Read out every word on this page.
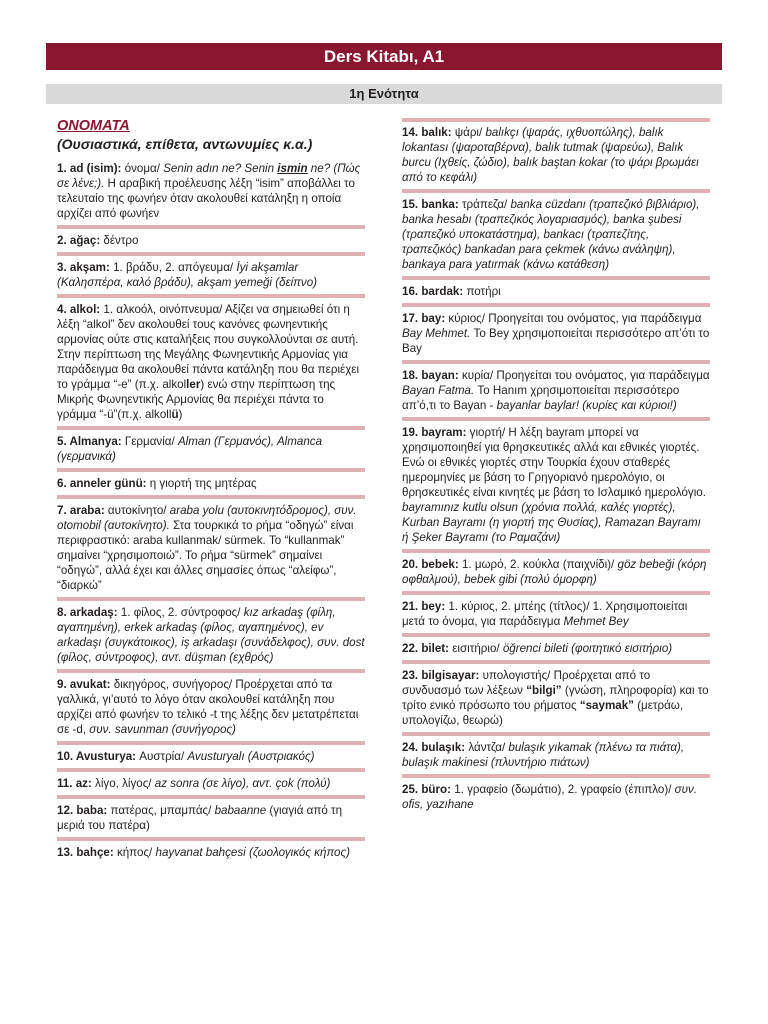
Ders Kitabı, A1
1η Ενότητα
ONOMATA
(Ουσιαστικά, επίθετα, αντωνυμίες κ.α.)
1. ad (isim): όνομα/ Senin adın ne? Senin ismin ne? (Πώς σε λένε;). Η αραβική προέλευσης λέξη “isim” αποβάλλει το τελευταίο της φωνήεν όταν ακολουθεί κατάληξη η οποία αρχίζει από φωνήεν
2. ağaç: δέντρο
3. akşam: 1. βράδυ, 2. απόγευμα/ İyi akşamlar (Καλησπέρα, καλό βράδυ), akşam yemeği (δείπνο)
4. alkol: 1. αλκοόλ, οινόπνευμα/ Αξίζει να σημειωθεί ότι η λέξη “alkol” δεν ακολουθεί τους κανόνες φωνηεντικής αρμονίας ούτε στις καταλήξεις που συγκολλούνται σε αυτή. Στην περίπτωση της Μεγάλης Φωνηεντικής Αρμονίας για παράδειγμα θα ακολουθεί πάντα κατάληξη που θα περιέχει το γράμμα “-e” (π.χ. alkoller) ενώ στην περίπτωση της Μικρής Φωνηεντικής Αρμονίας θα περιέχει πάντα το γράμμα “-ü”(π.χ. alkollü)
5. Almanya: Γερμανία/ Alman (Γερμανός), Almanca (γερμανικά)
6. anneler günü: η γιορτή της μητέρας
7. araba: αυτοκίνητο/ araba yolu (αυτοκινητόδρομος), συν. otomobil (αυτοκίνητο). Στα τουρκικά το ρήμα “οδηγώ” είναι περιφραστικό: araba kullanmak/ sürmek. Το “kullanmak” σημαίνει “χρησιμοποιώ”. Το ρήμα “sürmek” σημαίνει “οδηγώ”, αλλά έχει και άλλες σημασίες όπως “αλείφω”, “διαρκώ”
8. arkadaş: 1. φίλος, 2. σύντροφος/ kız arkadaş (φίλη, αγαπημένη), erkek arkadaş (φίλος, αγαπημένος), ev arkadaşı (συγκάτοικος), iş arkadaşı (συνάδελφος), συν. dost (φίλος, σύντροφος), αντ. düşman (εχθρός)
9. avukat: δικηγόρος, συνήγορος/ Προέρχεται από τα γαλλικά, γι’αυτό το λόγο όταν ακολουθεί κατάληξη που αρχίζει από φωνήεν το τελικό -t της λέξης δεν μετατρέπεται σε -d, συν. savunman (συνήγορος)
10. Avusturya: Αυστρία/ Avusturyalı (Αυστριακός)
11. az: λίγο, λίγος/ az sonra (σε λίγο), αντ. çok (πολύ)
12. baba: πατέρας, μπαμπάς/ babaanne (γιαγιά από τη μεριά του πατέρα)
13. bahçe: κήπος/ hayvanat bahçesi (ζωολογικός κήπος)
14. balık: ψάρι/ balıkçı (ψαράς, ιχθυοπώλης), balık lokantası (ψαροταβέρνα), balık tutmak (ψαρεύω), Balık burcu (Ιχθείς, ζώδιο), balık baştan kokar (το ψάρι βρωμάει από το κεφάλι)
15. banka: τράπεζα/ banka cüzdanı (τραπεζικό βιβλιάριο), banka hesabı (τραπεζικός λογαριασμός), banka şubesi (τραπεζικό υποκατάστημα), bankacı (τραπεζίτης, τραπεζικός) bankadan para çekmek (κάνω ανάληψη), bankaya para yatırmak (κάνω κατάθεση)
16. bardak: ποτήρι
17. bay: κύριος/ Προηγείται του ονόματος, για παράδειγμα Bay Mehmet. Το Bey χρησιμοποιείται περισσότερο απ’ότι το Bay
18. bayan: κυρία/ Προηγείται του ονόματος, για παράδειγμα Bayan Fatma. Το Hanım χρησιμοποιείται περισσότερο απ’ό,τι το Bayan - bayanlar baylar! (κυρίες και κύριοι!)
19. bayram: γιορτή/ Η λέξη bayram μπορεί να χρησιμοποιηθεί για θρησκευτικές αλλά και εθνικές γιορτές. Ενώ οι εθνικές γιορτές στην Τουρκία έχουν σταθερές ημερομηνίες με βάση το Γρηγοριανό ημερολόγιο, οι θρησκευτικές είναι κινητές με βάση το Ισλαμικό ημερολόγιο. bayramınız kutlu olsun (χρόνια πολλά, καλές γιορτές), Kurban Bayramı (η γιορτή της Θυσίας), Ramazan Bayramı ή Şeker Bayramı (το Ραμαζάνι)
20. bebek: 1. μωρό, 2. κούκλα (παιχνίδι)/ göz bebeği (κόρη οφθαλμού), bebek gibi (πολύ όμορφη)
21. bey: 1. κύριος, 2. μπέης (τίτλος)/ 1. Χρησιμοποιείται μετά το όνομα, για παράδειγμα Mehmet Bey
22. bilet: εισιτήριο/ öğrenci bileti (φοιτητικό εισιτήριο)
23. bilgisayar: υπολογιστής/ Προέρχεται από το συνδυασμό των λέξεων “bilgi” (γνώση, πληροφορία) και το τρίτο ενικό πρόσωπο του ρήματος “saymak” (μετράω, υπολογίζω, θεωρώ)
24. bulaşık: λάντζα/ bulaşık yıkamak (πλένω τα πιάτα), bulaşık makinesi (πλυντήριο πιάτων)
25. büro: 1. γραφείο (δωμάτιο), 2. γραφείο (έπιπλο)/ συν. ofis, yazıhane
